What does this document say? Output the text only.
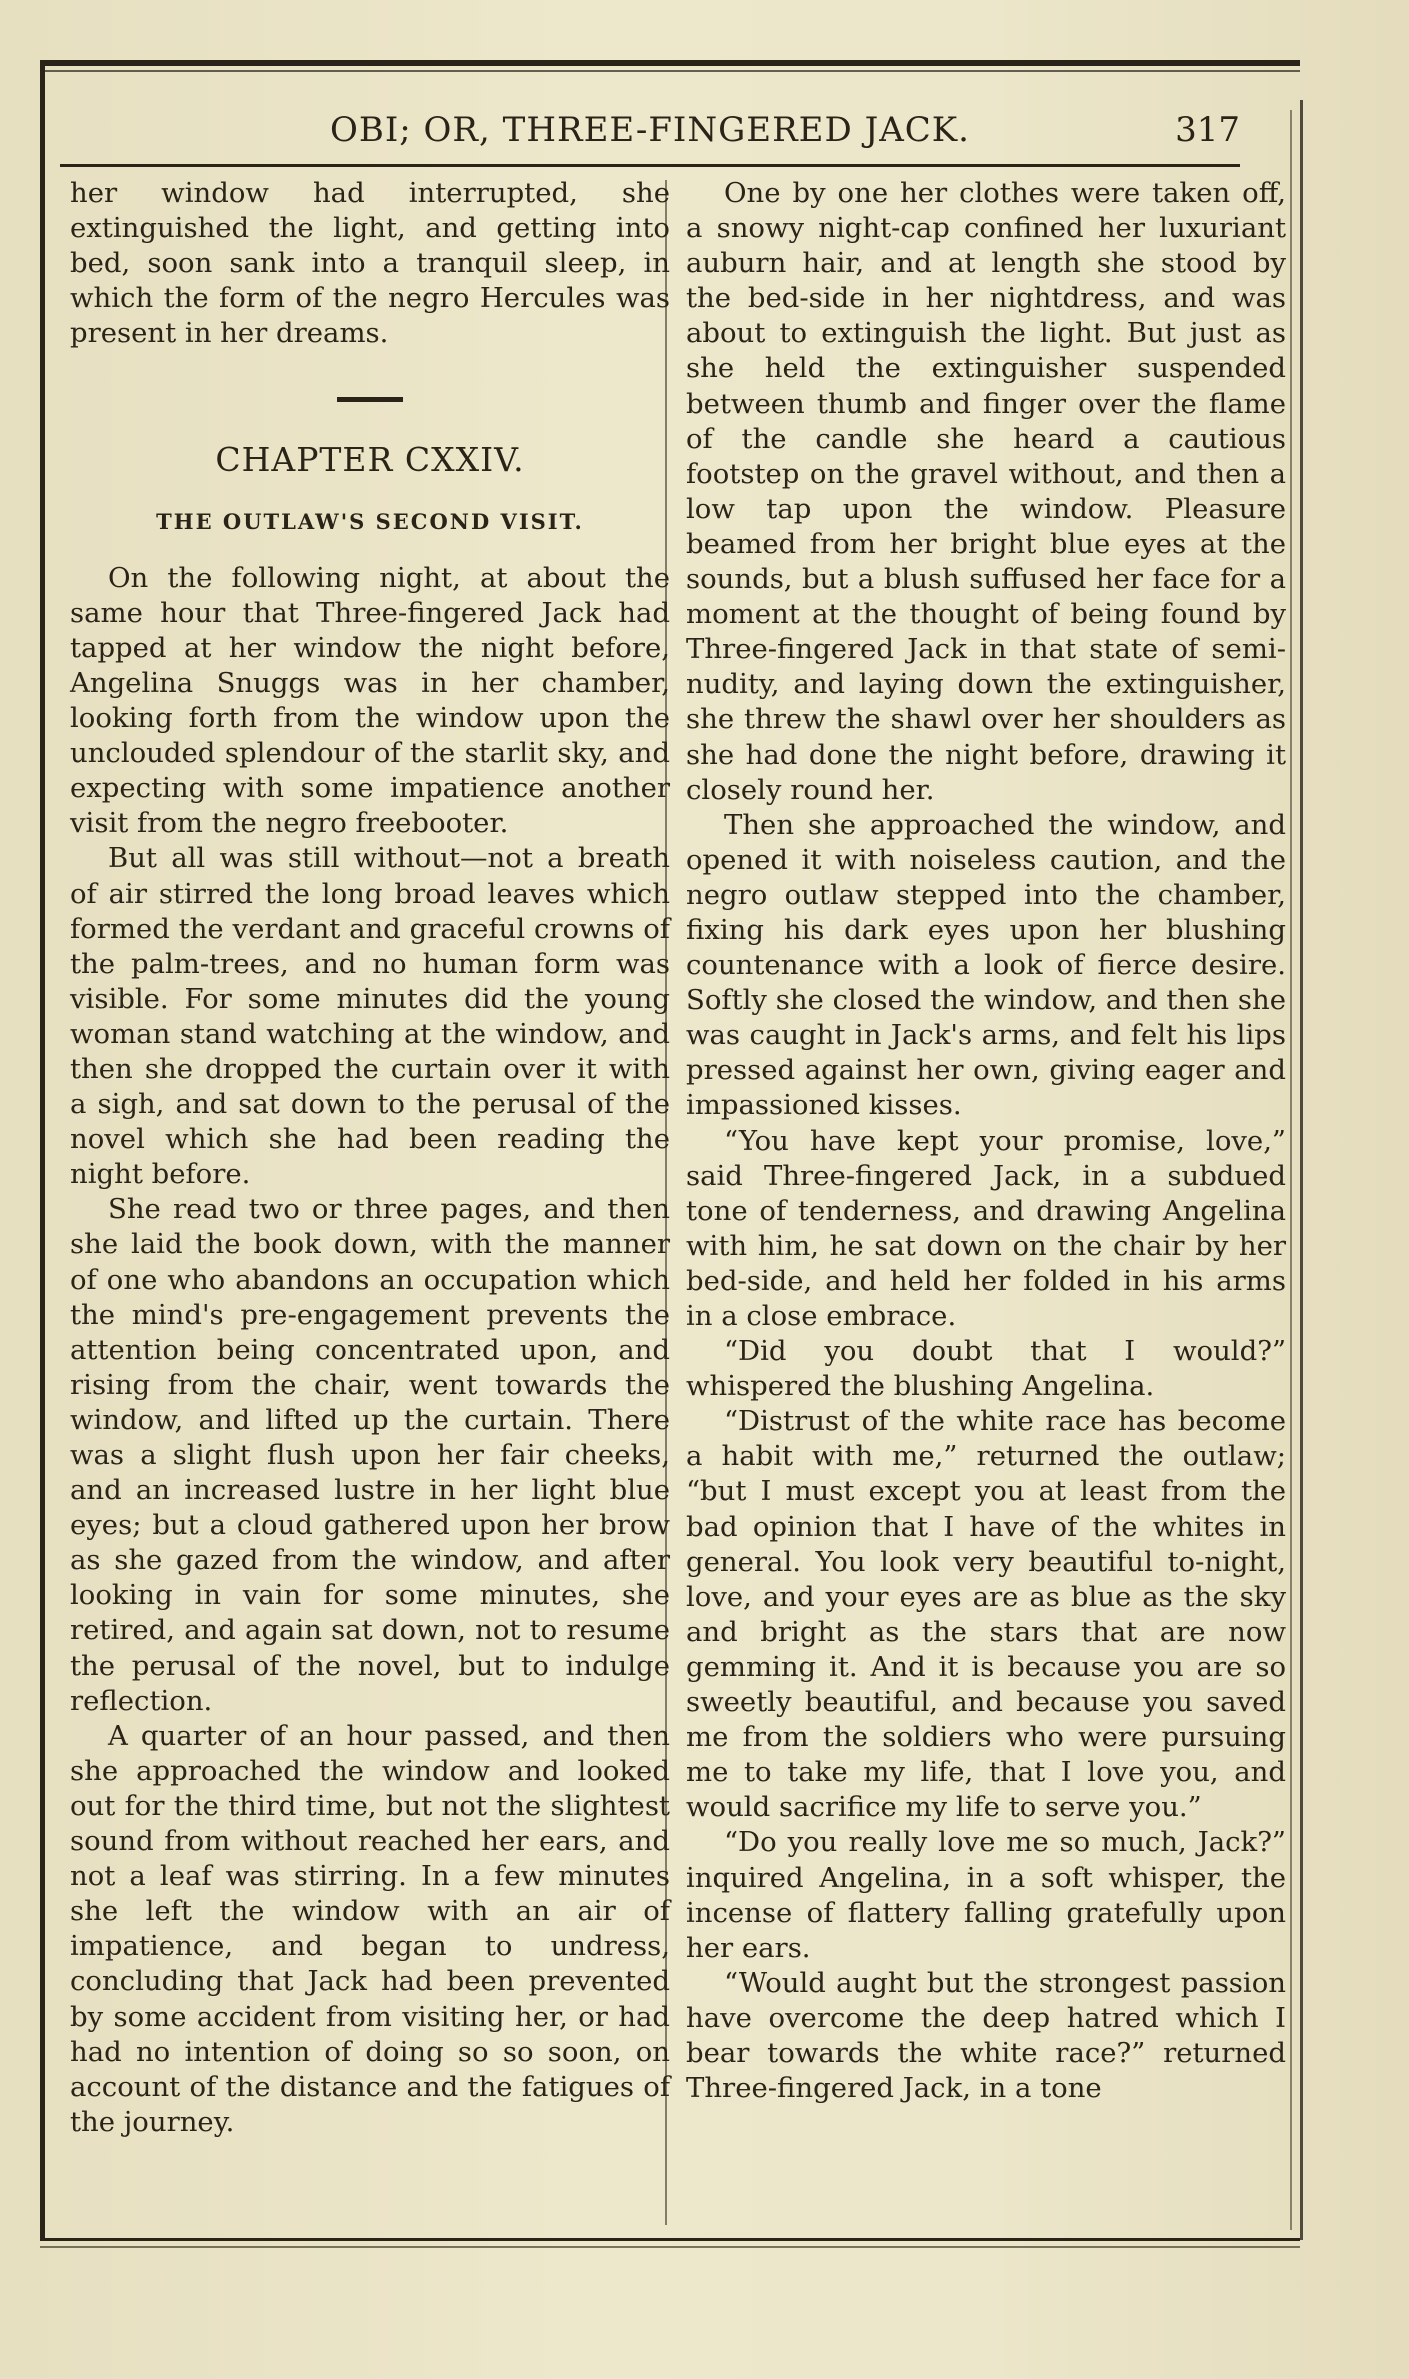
OBI; OR, THREE-FINGERED JACK.	317

her window had interrupted, she extinguished the light, and getting into bed, soon sank into a tranquil sleep, in which the form of the negro Hercules was present in her dreams.

CHAPTER CXXIV.
THE OUTLAW'S SECOND VISIT.

On the following night, at about the same hour that Three-fingered Jack had tapped at her window the night before, Angelina Snuggs was in her chamber, looking forth from the window upon the unclouded splendour of the starlit sky, and expecting with some impatience another visit from the negro freebooter.

But all was still without—not a breath of air stirred the long broad leaves which formed the verdant and graceful crowns of the palm-trees, and no human form was visible. For some minutes did the young woman stand watching at the window, and then she dropped the curtain over it with a sigh, and sat down to the perusal of the novel which she had been reading the night before.

She read two or three pages, and then she laid the book down, with the manner of one who abandons an occupation which the mind's pre-engagement prevents the attention being concentrated upon, and rising from the chair, went towards the window, and lifted up the curtain. There was a slight flush upon her fair cheeks, and an increased lustre in her light blue eyes; but a cloud gathered upon her brow as she gazed from the window, and after looking in vain for some minutes, she retired, and again sat down, not to resume the perusal of the novel, but to indulge reflection.

A quarter of an hour passed, and then she approached the window and looked out for the third time, but not the slightest sound from without reached her ears, and not a leaf was stirring. In a few minutes she left the window with an air of impatience, and began to undress, concluding that Jack had been prevented by some accident from visiting her, or had had no intention of doing so so soon, on account of the distance and the fatigues of the journey.

One by one her clothes were taken off, a snowy night-cap confined her luxuriant auburn hair, and at length she stood by the bed-side in her nightdress, and was about to extinguish the light. But just as she held the extinguisher suspended between thumb and finger over the flame of the candle she heard a cautious footstep on the gravel without, and then a low tap upon the window. Pleasure beamed from her bright blue eyes at the sounds, but a blush suffused her face for a moment at the thought of being found by Three-fingered Jack in that state of semi-nudity, and laying down the extinguisher, she threw the shawl over her shoulders as she had done the night before, drawing it closely round her.

Then she approached the window, and opened it with noiseless caution, and the negro outlaw stepped into the chamber, fixing his dark eyes upon her blushing countenance with a look of fierce desire. Softly she closed the window, and then she was caught in Jack's arms, and felt his lips pressed against her own, giving eager and impassioned kisses.

“You have kept your promise, love,” said Three-fingered Jack, in a subdued tone of tenderness, and drawing Angelina with him, he sat down on the chair by her bed-side, and held her folded in his arms in a close embrace.

“Did you doubt that I would?” whispered the blushing Angelina.

“Distrust of the white race has become a habit with me,” returned the outlaw; “but I must except you at least from the bad opinion that I have of the whites in general. You look very beautiful to-night, love, and your eyes are as blue as the sky and bright as the stars that are now gemming it. And it is because you are so sweetly beautiful, and because you saved me from the soldiers who were pursuing me to take my life, that I love you, and would sacrifice my life to serve you.”

“Do you really love me so much, Jack?” inquired Angelina, in a soft whisper, the incense of flattery falling gratefully upon her ears.

“Would aught but the strongest passion have overcome the deep hatred which I bear towards the white race?” returned Three-fingered Jack, in a tone
